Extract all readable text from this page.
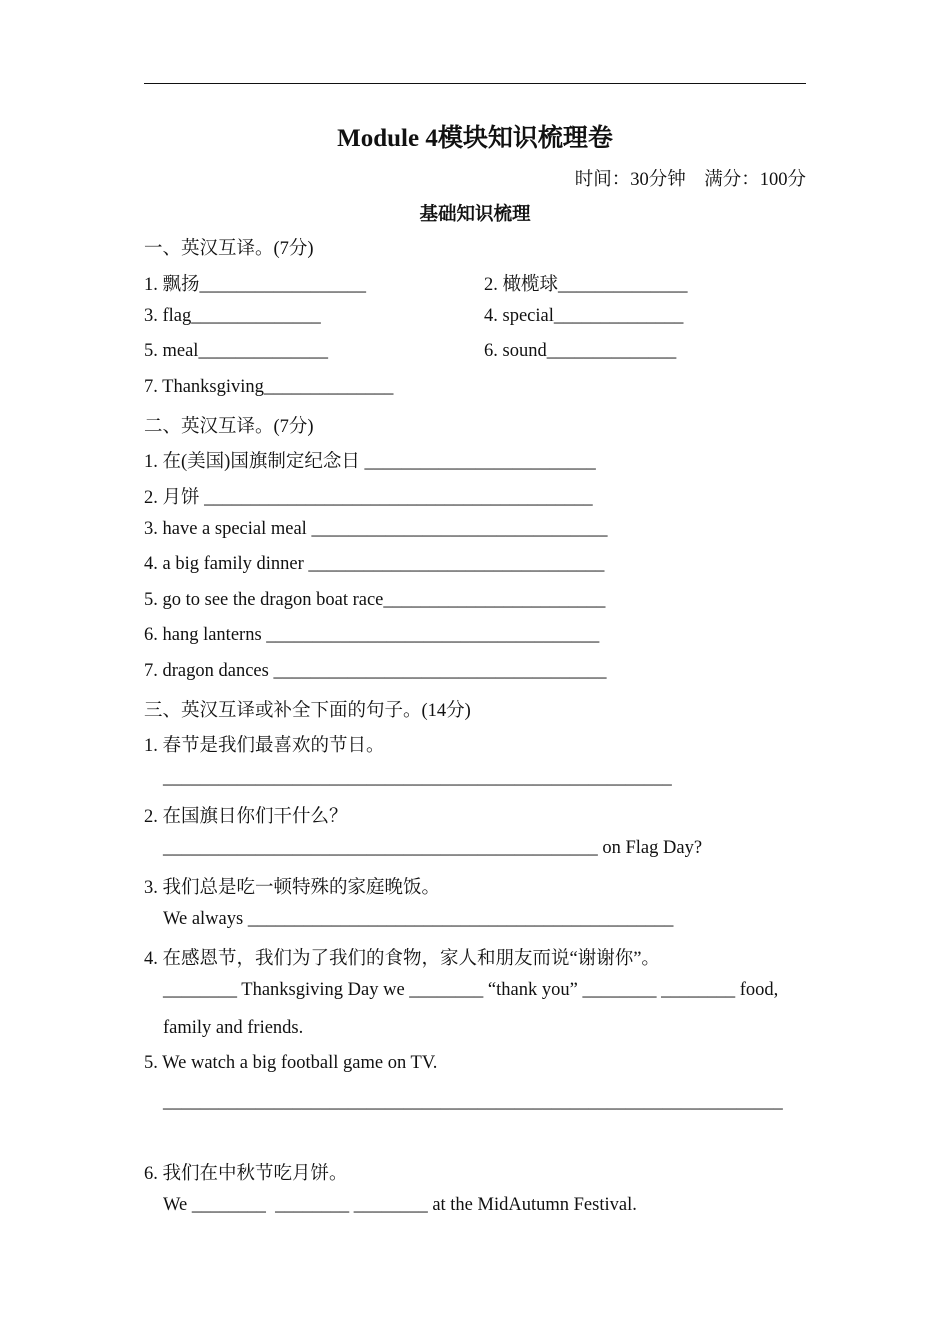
Module 4模块知识梳理卷
时间：30分钟 满分：100分
基础知识梳理
一、英汉互译。(7分)
1. 飘扬__________________	2. 橄榄球______________
3. flag______________	4. special______________
5. meal______________	6. sound______________
7. Thanksgiving______________
二、英汉互译。(7分)
1. 在(美国)国旗制定纪念日 _________________________
2. 月饼 __________________________________________
3. have a special meal ________________________________
4. a big family dinner ________________________________
5. go to see the dragon boat race________________________
6. hang lanterns ____________________________________
7. dragon dances ____________________________________
三、英汉互译或补全下面的句子。(14分)
1. 春节是我们最喜欢的节日。
_______________________________________________________
2. 在国旗日你们干什么？
_______________________________________________ on Flag Day?
3. 我们总是吃一顿特殊的家庭晚饭。
We always ______________________________________________
4. 在感恩节，我们为了我们的食物，家人和朋友而说“谢谢你”。
________ Thanksgiving Day we ________ “thank you” ________ ________ food,
family and friends.
5. We watch a big football game on TV.
___________________________________________________________________
6. 我们在中秋节吃月饼。
We ________  ________ ________ at the MidAutumn Festival.
